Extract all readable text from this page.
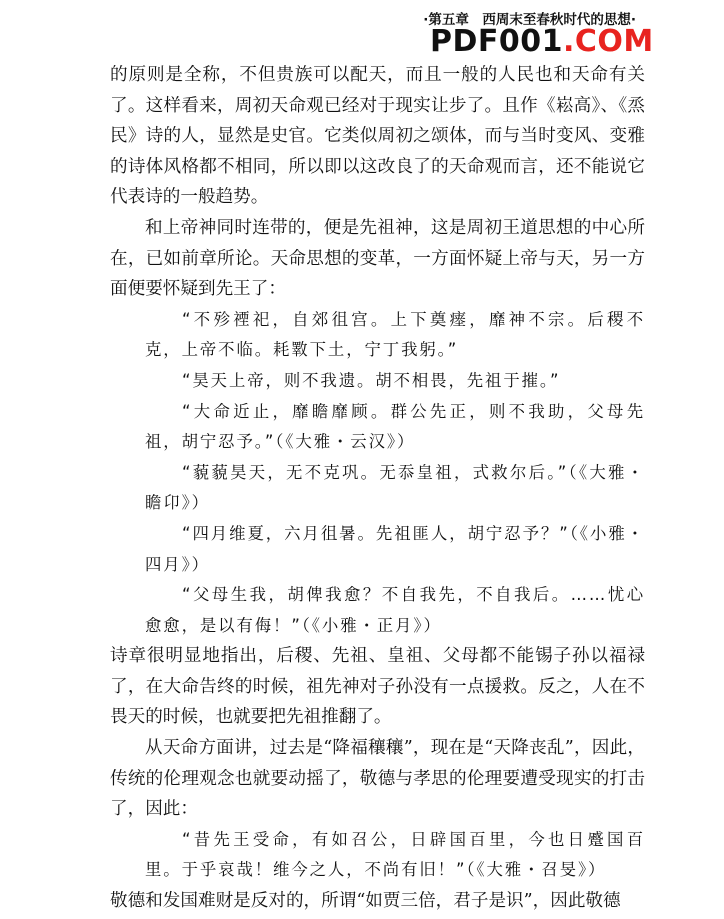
·第五章　西周末至春秋时代的思想·
PDF001.COM

的原则是全称，不但贵族可以配天，而且一般的人民也和天命有关了。这样看来，周初天命观已经对于现实让步了。且作《崧高》、《烝民》诗的人，显然是史官。它类似周初之颂体，而与当时变风、变雅的诗体风格都不相同，所以即以这改良了的天命观而言，还不能说它代表诗的一般趋势。

和上帝神同时连带的，便是先祖神，这是周初王道思想的中心所在，已如前章所论。天命思想的变革，一方面怀疑上帝与天，另一方面便要怀疑到先王了：

“不殄禋祀，自郊徂宫。上下奠瘗，靡神不宗。后稷不克，上帝不临。耗斁下土，宁丁我躬。”

“昊天上帝，则不我遗。胡不相畏，先祖于摧。”

“大命近止，靡瞻靡顾。群公先正，则不我助，父母先祖，胡宁忍予。”（《大雅・云汉》）

“藐藐昊天，无不克巩。无忝皇祖，式救尔后。”（《大雅・瞻卬》）

“四月维夏，六月徂暑。先祖匪人，胡宁忍予？”（《小雅・四月》）

“父母生我，胡俾我愈？不自我先，不自我后。……忧心愈愈，是以有侮！”（《小雅・正月》）

诗章很明显地指出，后稷、先祖、皇祖、父母都不能锡子孙以福禄了，在大命告终的时候，祖先神对子孙没有一点援救。反之，人在不畏天的时候，也就要把先祖推翻了。

从天命方面讲，过去是“降福穰穰”，现在是“天降丧乱”，因此，传统的伦理观念也就要动摇了，敬德与孝思的伦理要遭受现实的打击了，因此：

“昔先王受命，有如召公，日辟国百里，今也日蹙国百里。于乎哀哉！维今之人，不尚有旧！”（《大雅・召旻》）

敬德和发国难财是反对的，所谓“如贾三倍，君子是识”，因此敬德
